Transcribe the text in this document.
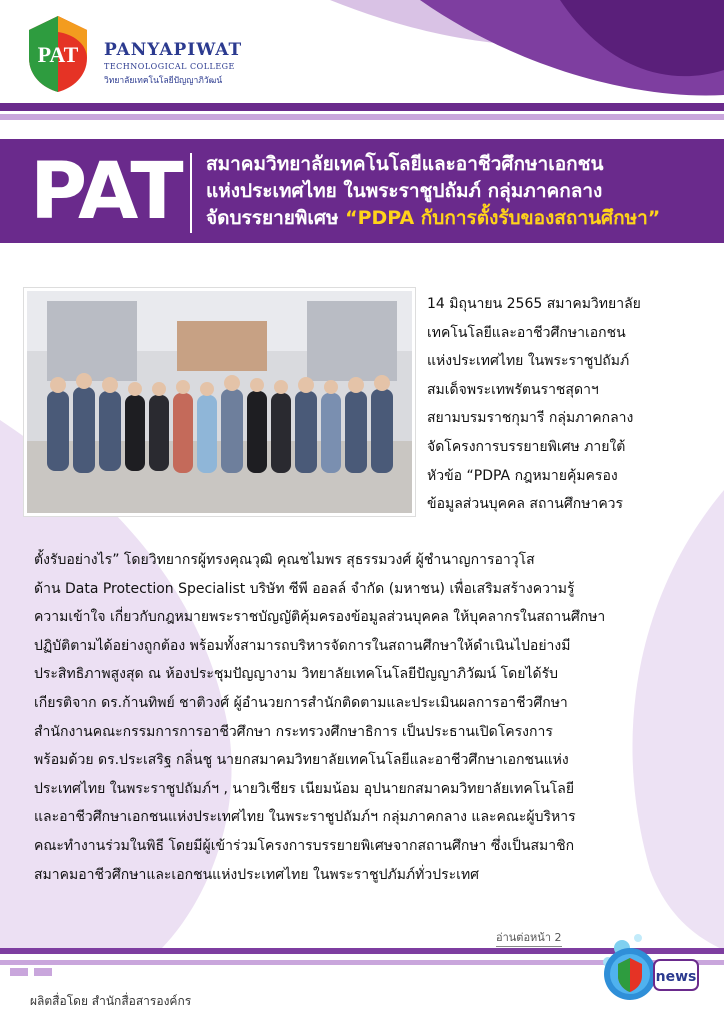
PAT PANYAPIWAT
TECHNOLOGICAL COLLEGE
วิทยาลัยเทคโนโลยีปัญญาภิวัฒน์
PAT สมาคมวิทยาลัยเทคโนโลยีและอาชีวศึกษาเอกชน
แห่งประเทศไทย ในพระราชูปถัมภ์ กลุ่มภาคกลาง
จัดบรรยายพิเศษ “PDPA กับการตั้งรับของสถานศึกษา”
14 มิถุนายน 2565 สมาคมวิทยาลัย
เทคโนโลยีและอาชีวศึกษาเอกชน
แห่งประเทศไทย ในพระราชูปถัมภ์
สมเด็จพระเทพรัตนราชสุดาฯ
สยามบรมราชกุมารี กลุ่มภาคกลาง
จัดโครงการบรรยายพิเศษ ภายใต้
หัวข้อ “PDPA กฎหมายคุ้มครอง
ข้อมูลส่วนบุคคล สถานศึกษาควร
ตั้งรับอย่างไร” โดยวิทยากรผู้ทรงคุณวุฒิ คุณชไมพร สุธรรมวงศ์ ผู้ชำนาญการอาวุโส
ด้าน Data Protection Specialist บริษัท ซีพี ออลล์ จำกัด (มหาชน) เพื่อเสริมสร้างความรู้
ความเข้าใจ เกี่ยวกับกฎหมายพระราชบัญญัติคุ้มครองข้อมูลส่วนบุคคล ให้บุคลากรในสถานศึกษา
ปฏิบัติตามได้อย่างถูกต้อง พร้อมทั้งสามารถบริหารจัดการในสถานศึกษาให้ดำเนินไปอย่างมี
ประสิทธิภาพสูงสุด ณ ห้องประชุมปัญญางาม วิทยาลัยเทคโนโลยีปัญญาภิวัฒน์ โดยได้รับ
เกียรติจาก ดร.ก้านทิพย์ ชาติวงศ์ ผู้อำนวยการสำนักติดตามและประเมินผลการอาชีวศึกษา
สำนักงานคณะกรรมการการอาชีวศึกษา กระทรวงศึกษาธิการ เป็นประธานเปิดโครงการ
พร้อมด้วย ดร.ประเสริฐ กลิ่นชู นายกสมาคมวิทยาลัยเทคโนโลยีและอาชีวศึกษาเอกชนแห่ง
ประเทศไทย ในพระราชูปถัมภ์ฯ , นายวิเชียร เนียมน้อม อุปนายกสมาคมวิทยาลัยเทคโนโลยี
และอาชีวศึกษาเอกชนแห่งประเทศไทย ในพระราชูปถัมภ์ฯ กลุ่มภาคกลาง และคณะผู้บริหาร
คณะทำงานร่วมในพิธี โดยมีผู้เข้าร่วมโครงการบรรยายพิเศษจากสถานศึกษา ซึ่งเป็นสมาชิก
สมาคมอาชีวศึกษาและเอกชนแห่งประเทศไทย ในพระราชูปภัมภ์ทั่วประเทศ
อ่านต่อหน้า 2
news
ผลิตสื่อโดย สำนักสื่อสารองค์กร
